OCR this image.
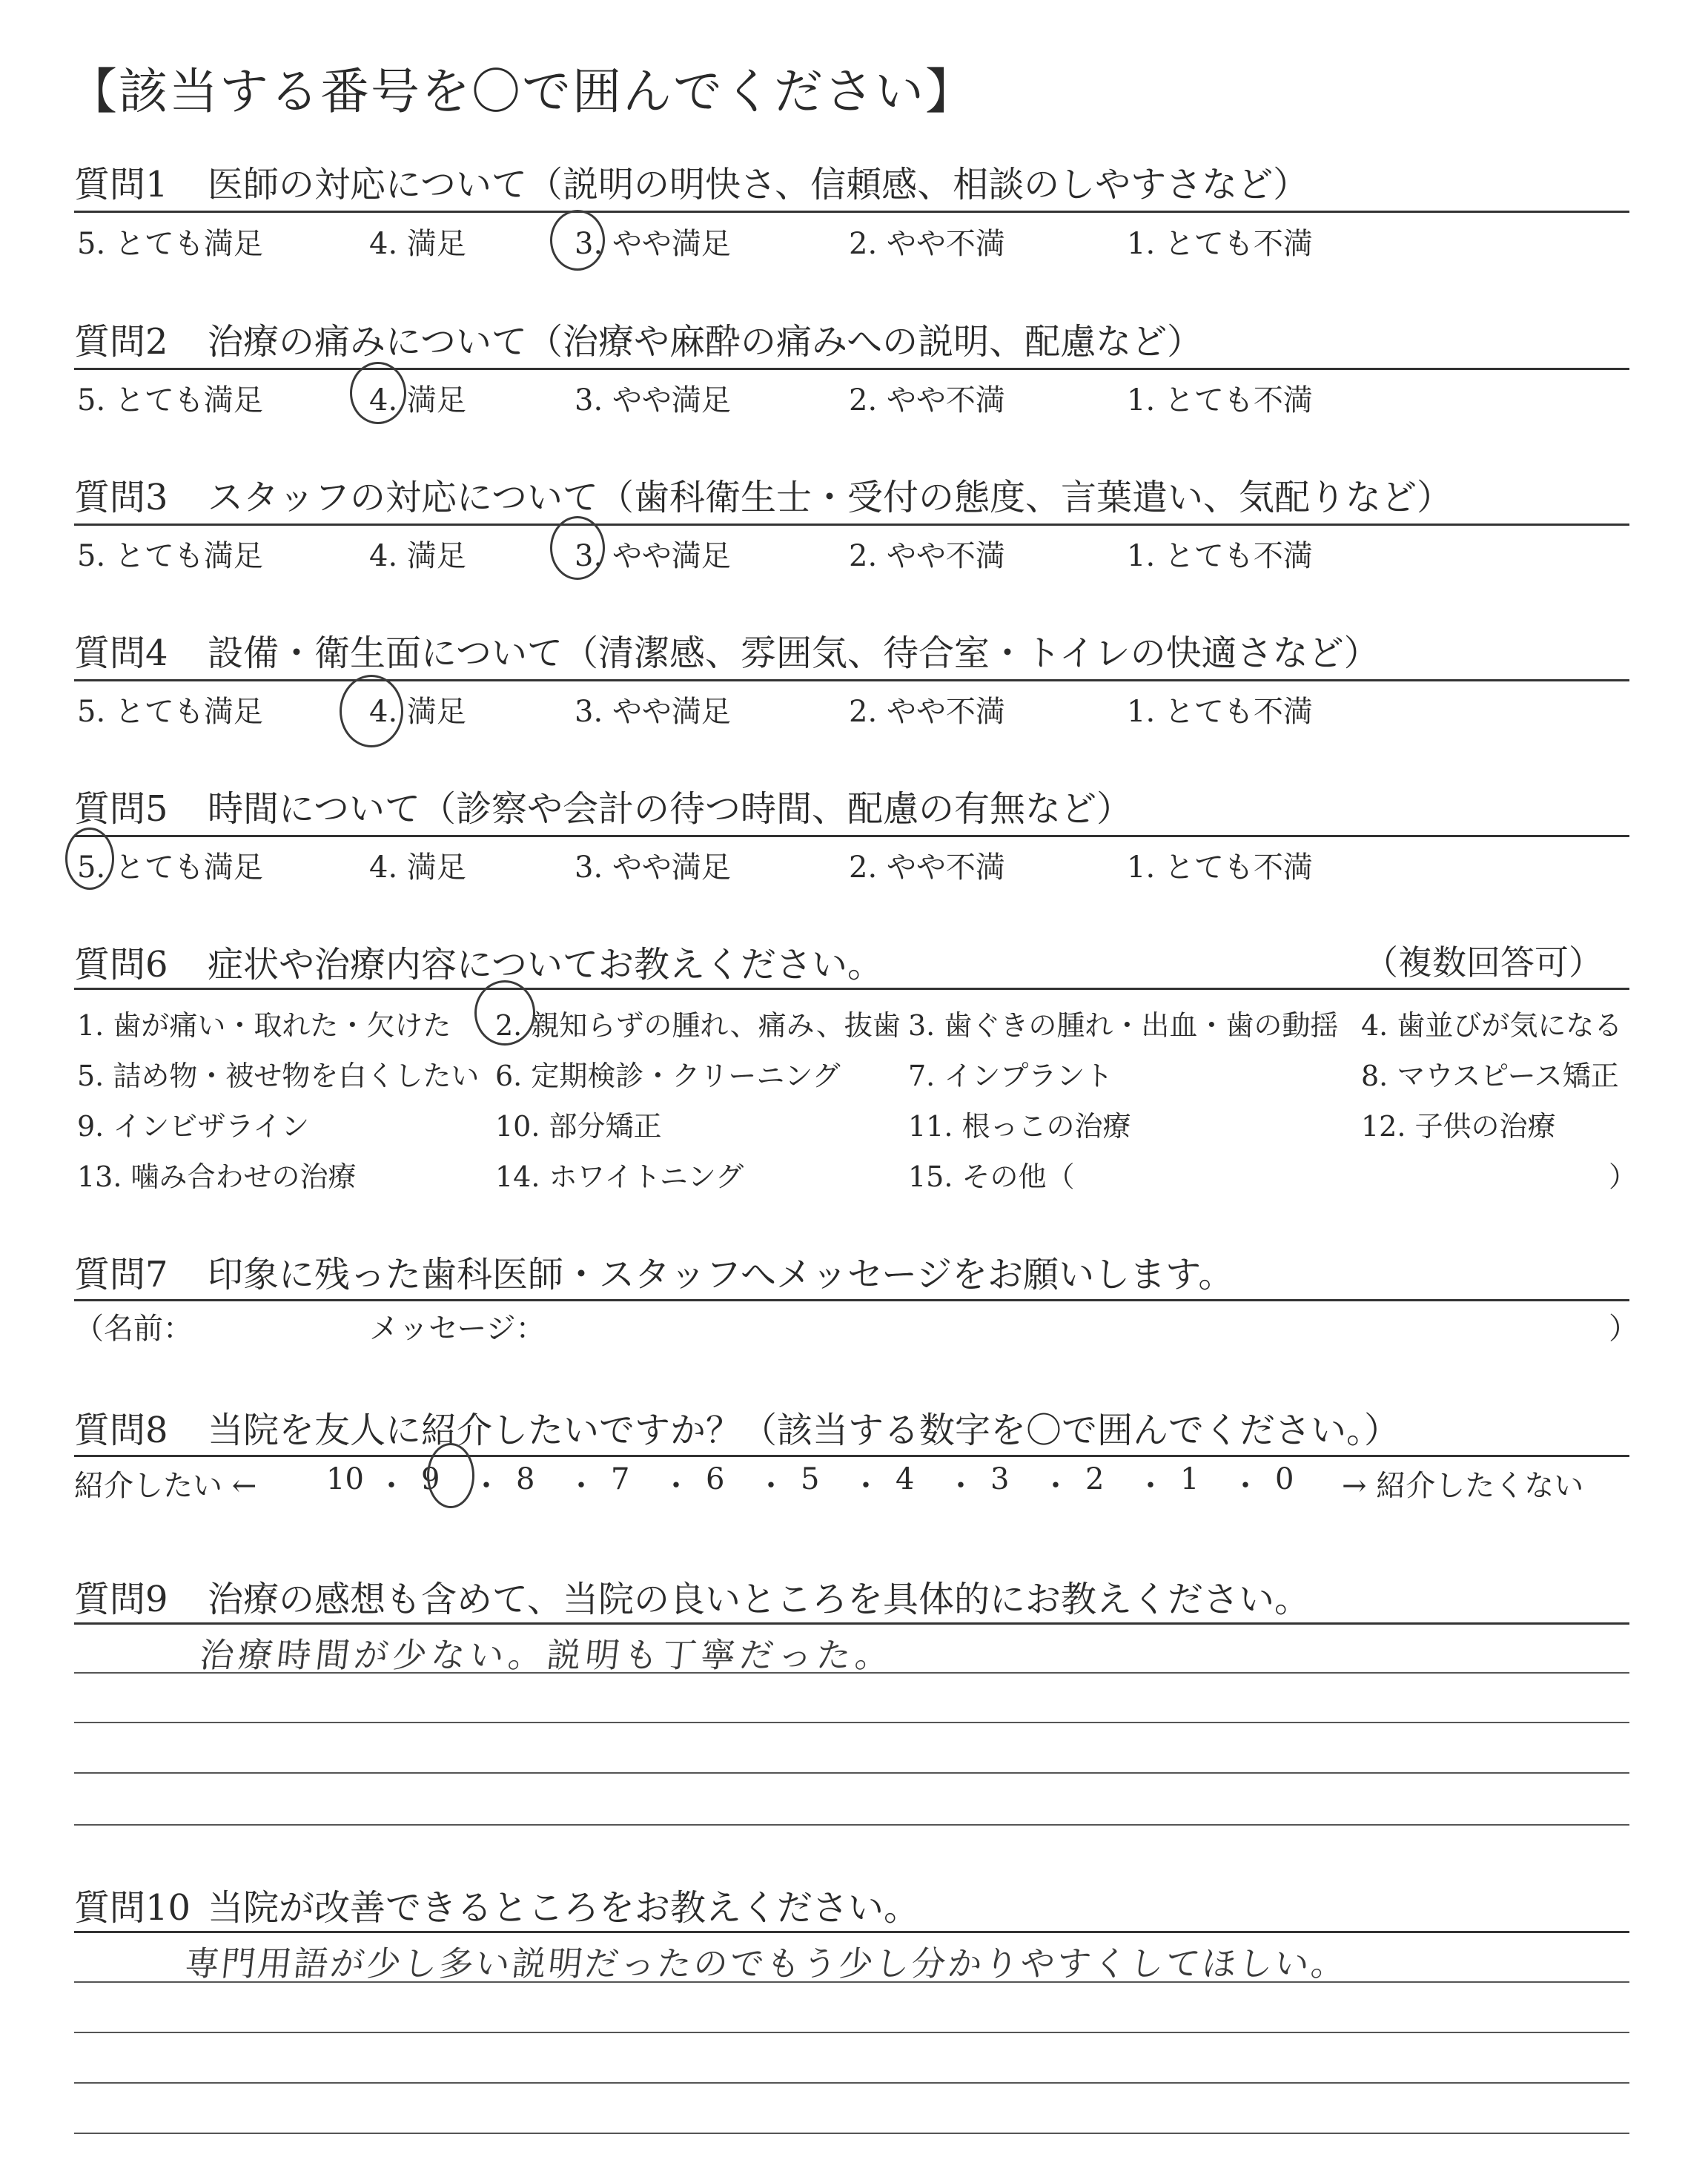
【該当する番号を〇で囲んでください】
質問1 医師の対応について（説明の明快さ、信頼感、相談のしやすさなど）
5. とても満足	4. 満足	3. やや満足	2. やや不満	1. とても不満
質問2 治療の痛みについて（治療や麻酔の痛みへの説明、配慮など）
5. とても満足	4. 満足	3. やや満足	2. やや不満	1. とても不満
質問3 スタッフの対応について（歯科衛生士・受付の態度、言葉遣い、気配りなど）
5. とても満足	4. 満足	3. やや満足	2. やや不満	1. とても不満
質問4 設備・衛生面について（清潔感、雰囲気、待合室・トイレの快適さなど）
5. とても満足	4. 満足	3. やや満足	2. やや不満	1. とても不満
質問5 時間について（診察や会計の待つ時間、配慮の有無など）
5. とても満足	4. 満足	3. やや満足	2. やや不満	1. とても不満
質問6 症状や治療内容についてお教えください。	（複数回答可）
1. 歯が痛い・取れた・欠けた 2. 親知らずの腫れ、痛み、抜歯 3. 歯ぐきの腫れ・出血・歯の動揺 4. 歯並びが気になる
5. 詰め物・被せ物を白くしたい 6. 定期検診・クリーニング 7. インプラント	8. マウスピース矯正
9. インビザライン	10. 部分矯正	11. 根っこの治療	12. 子供の治療
13. 噛み合わせの治療	14. ホワイトニング	15. その他（	）
質問7 印象に残った歯科医師・スタッフへメッセージをお願いします。
（名前：	メッセージ：	）
質問8 当院を友人に紹介したいですか？（該当する数字を〇で囲んでください。）
紹介したい ←	→ 紹介したくない
10 ・ 9 ・ 8 ・ 7 ・ 6 ・ 5 ・ 4 ・ 3 ・ 2 ・ 1 ・ 0
質問9 治療の感想も含めて、当院の良いところを具体的にお教えください。
治療時間が少ない。説明も丁寧だった。
質問10 当院が改善できるところをお教えください。
専門用語が少し多い説明だったのでもう少し分かりやすくしてほしい。
